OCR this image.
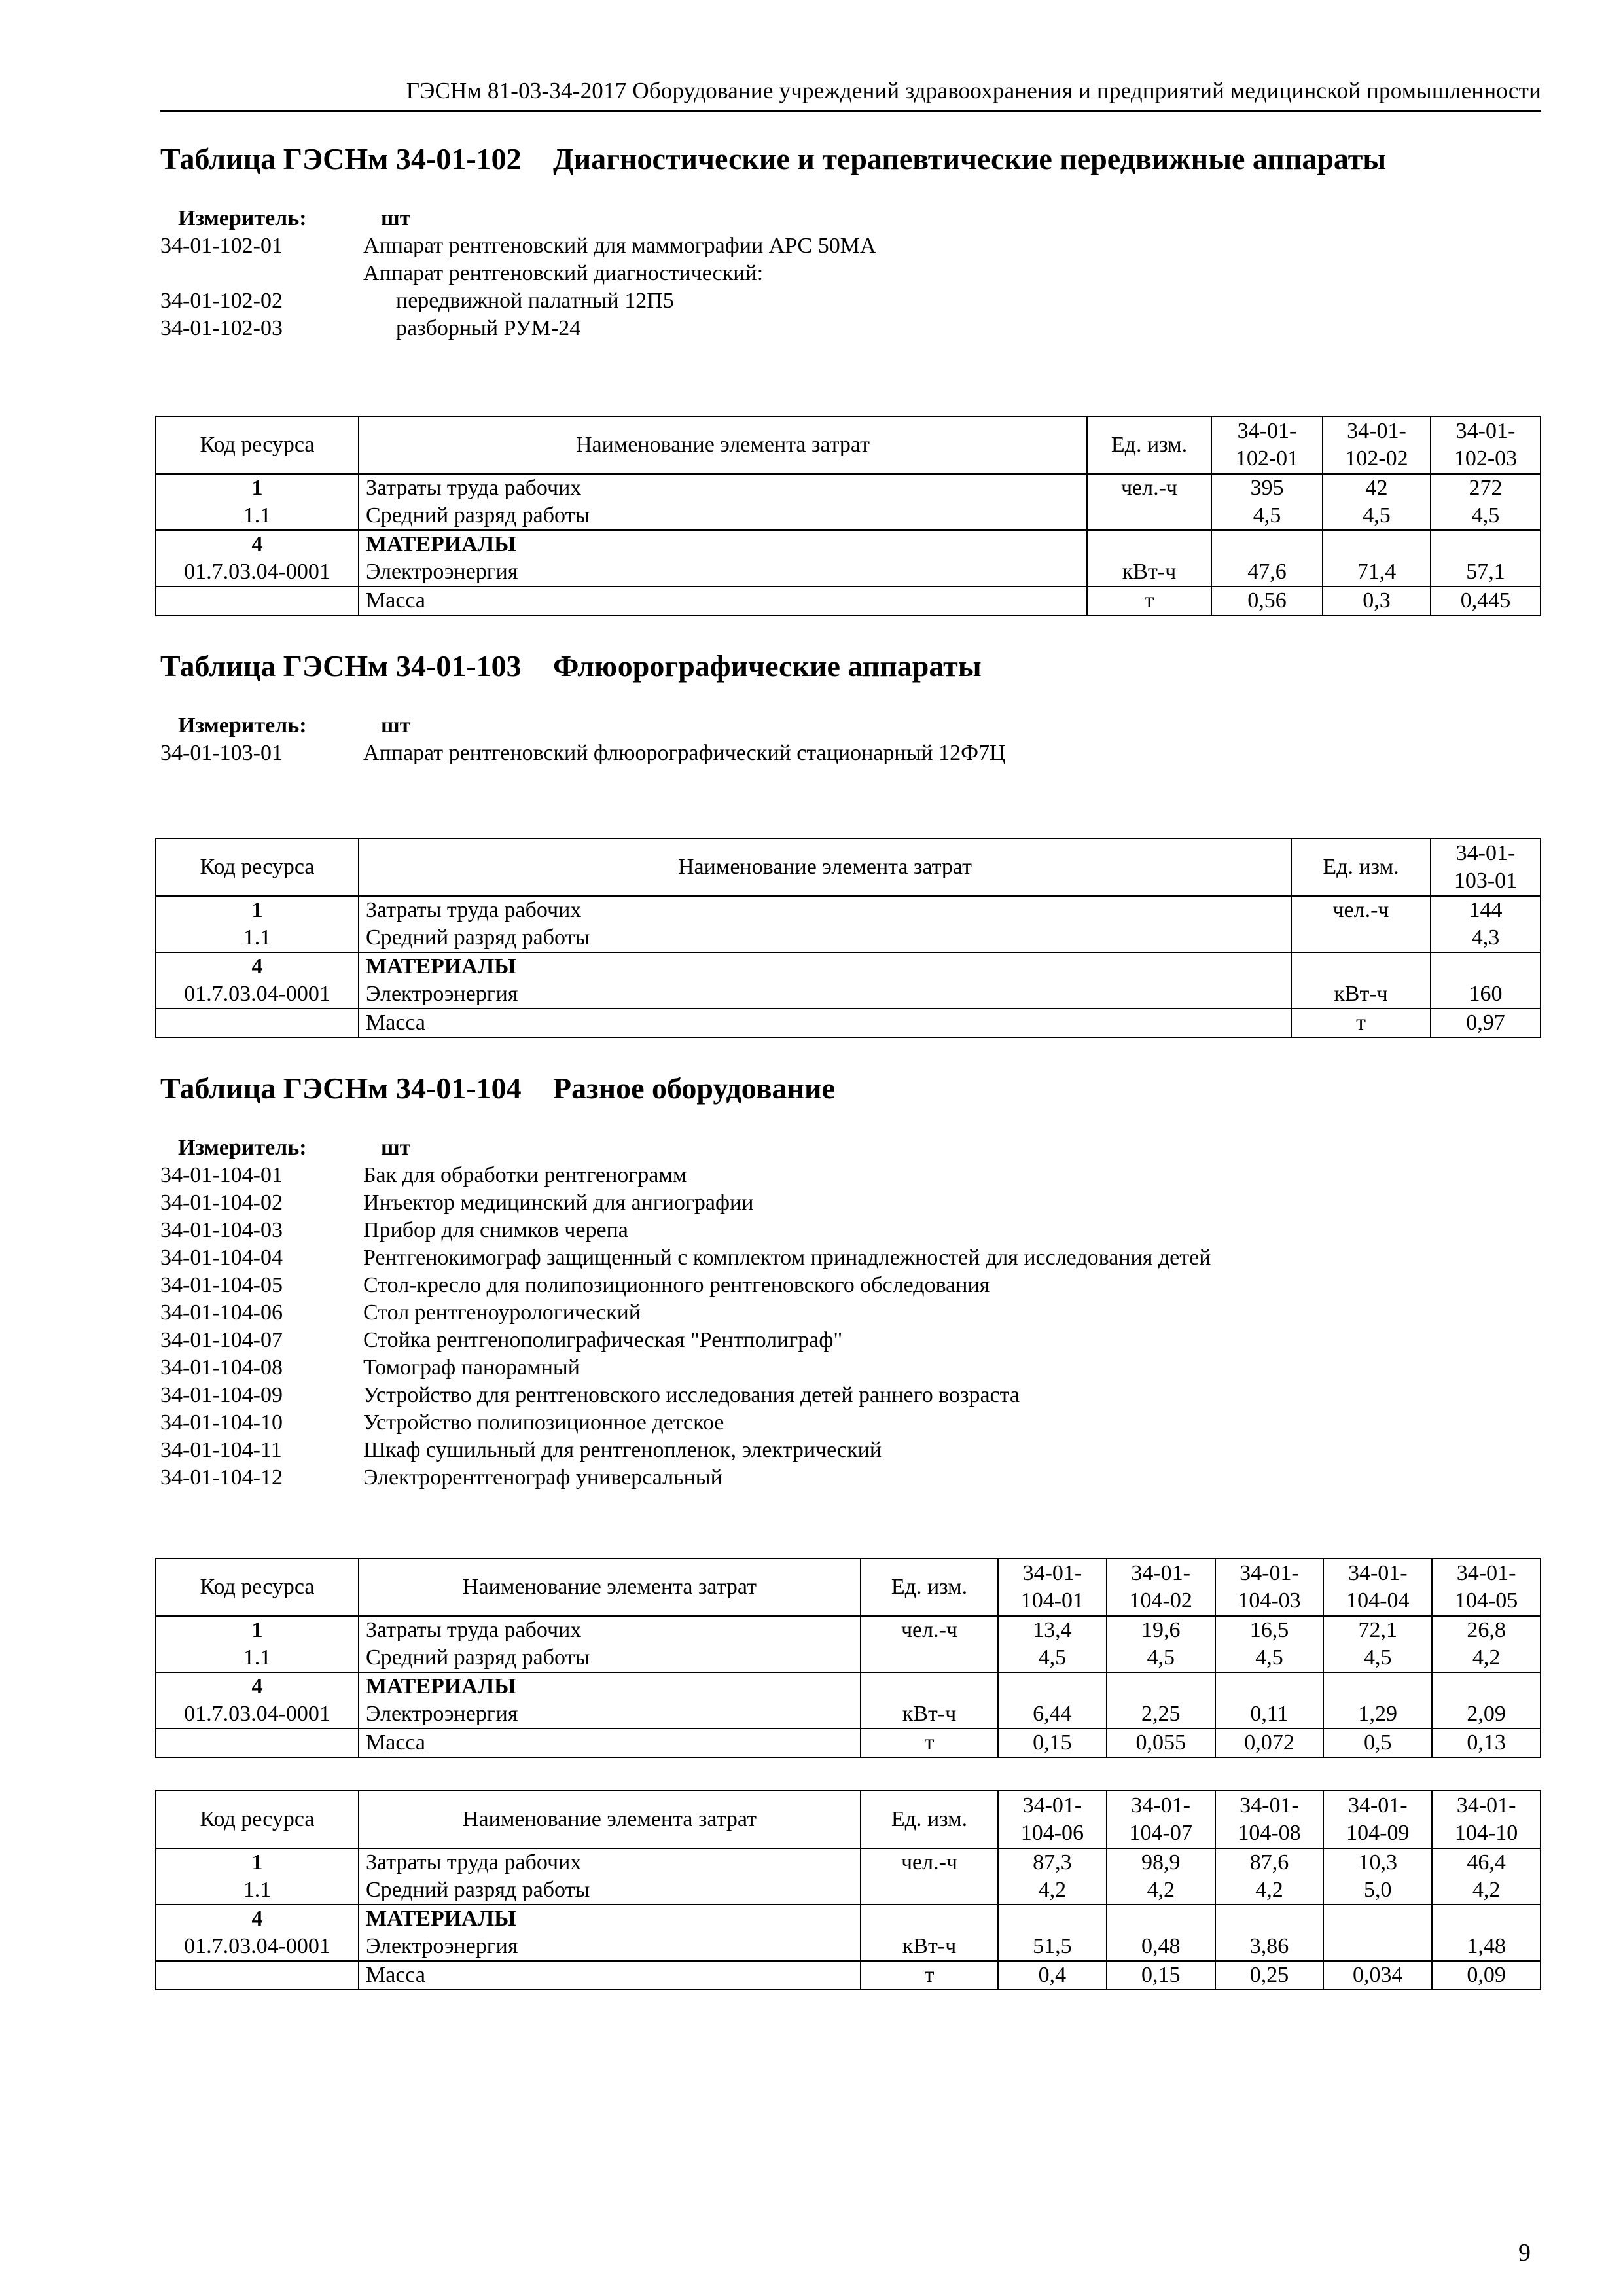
ГЭСНм 81-03-34-2017 Оборудование учреждений здравоохранения и предприятий медицинской промышленности
Таблица ГЭСНм 34-01-102	Диагностические и терапевтические передвижные аппараты
Измеритель:	шт
34-01-102-01	Аппарат рентгеновский для маммографии АРС 50МА
Аппарат рентгеновский диагностический:
34-01-102-02	передвижной палатный 12П5
34-01-102-03	разборный РУМ-24
Код ресурса	Наименование элемента затрат	Ед. изм.	34-01-102-01	34-01-102-02	34-01-102-03
1	Затраты труда рабочих	чел.-ч	395	42	272
1.1	Средний разряд работы		4,5	4,5	4,5
4	МАТЕРИАЛЫ				
01.7.03.04-0001	Электроэнергия	кВт-ч	47,6	71,4	57,1
	Масса	т	0,56	0,3	0,445
Таблица ГЭСНм 34-01-103	Флюорографические аппараты
Измеритель:	шт
34-01-103-01	Аппарат рентгеновский флюорографический стационарный 12Ф7Ц
Код ресурса	Наименование элемента затрат	Ед. изм.	34-01-103-01
1	Затраты труда рабочих	чел.-ч	144
1.1	Средний разряд работы		4,3
4	МАТЕРИАЛЫ		
01.7.03.04-0001	Электроэнергия	кВт-ч	160
	Масса	т	0,97
Таблица ГЭСНм 34-01-104	Разное оборудование
Измеритель:	шт
34-01-104-01	Бак для обработки рентгенограмм
34-01-104-02	Инъектор медицинский для ангиографии
34-01-104-03	Прибор для снимков черепа
34-01-104-04	Рентгенокимограф защищенный с комплектом принадлежностей для исследования детей
34-01-104-05	Стол-кресло для полипозиционного рентгеновского обследования
34-01-104-06	Стол рентгеноурологический
34-01-104-07	Стойка рентгенополиграфическая "Рентполиграф"
34-01-104-08	Томограф панорамный
34-01-104-09	Устройство для рентгеновского исследования детей раннего возраста
34-01-104-10	Устройство полипозиционное детское
34-01-104-11	Шкаф сушильный для рентгенопленок, электрический
34-01-104-12	Электрорентгенограф универсальный
Код ресурса	Наименование элемента затрат	Ед. изм.	34-01-104-01	34-01-104-02	34-01-104-03	34-01-104-04	34-01-104-05
1	Затраты труда рабочих	чел.-ч	13,4	19,6	16,5	72,1	26,8
1.1	Средний разряд работы		4,5	4,5	4,5	4,5	4,2
4	МАТЕРИАЛЫ						
01.7.03.04-0001	Электроэнергия	кВт-ч	6,44	2,25	0,11	1,29	2,09
	Масса	т	0,15	0,055	0,072	0,5	0,13
Код ресурса	Наименование элемента затрат	Ед. изм.	34-01-104-06	34-01-104-07	34-01-104-08	34-01-104-09	34-01-104-10
1	Затраты труда рабочих	чел.-ч	87,3	98,9	87,6	10,3	46,4
1.1	Средний разряд работы		4,2	4,2	4,2	5,0	4,2
4	МАТЕРИАЛЫ						
01.7.03.04-0001	Электроэнергия	кВт-ч	51,5	0,48	3,86		1,48
	Масса	т	0,4	0,15	0,25	0,034	0,09
9
